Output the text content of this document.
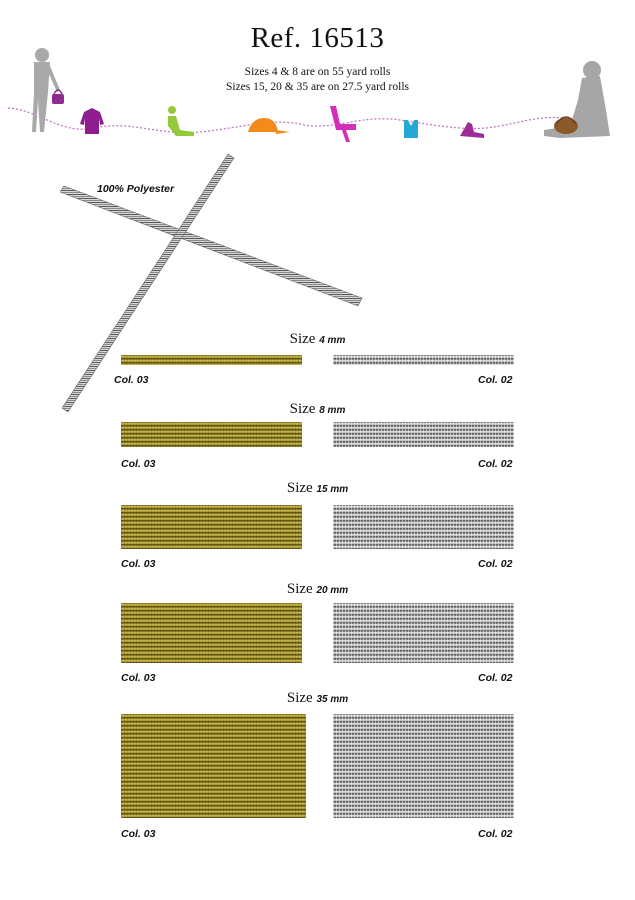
Ref. 16513
Sizes 4 & 8 are on 55 yard rolls
Sizes 15, 20 & 35 are on 27.5 yard rolls
100% Polyester
Size 4 mm
Col. 03	Col. 02
Size 8 mm
Col. 03	Col. 02
Size 15 mm
Col. 03	Col. 02
Size 20 mm
Col. 03	Col. 02
Size 35 mm
Col. 03	Col. 02
